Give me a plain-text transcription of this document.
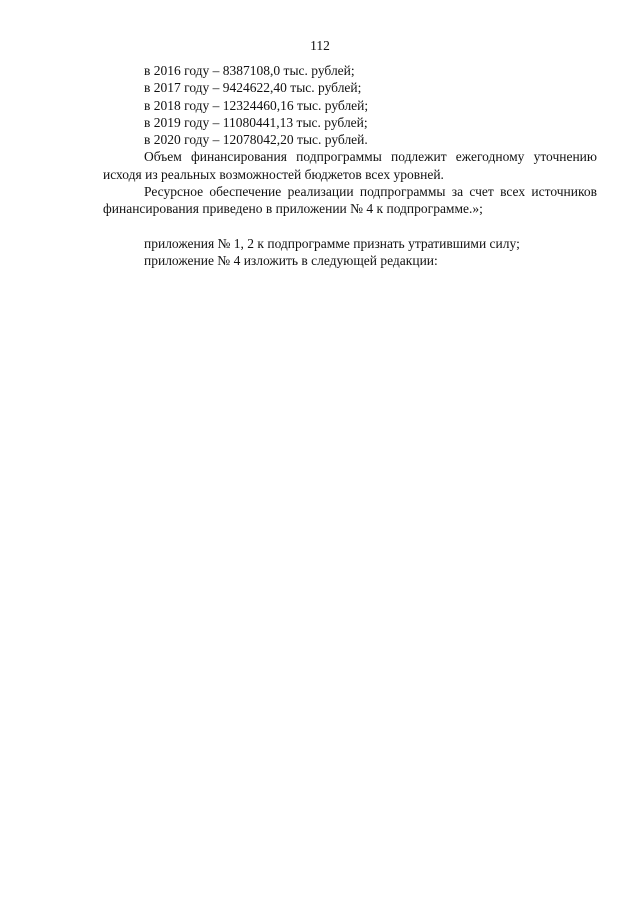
112
в 2016 году – 8387108,0 тыс. рублей;
в 2017 году – 9424622,40 тыс. рублей;
в 2018 году – 12324460,16 тыс. рублей;
в 2019 году – 11080441,13 тыс. рублей;
в 2020 году – 12078042,20 тыс. рублей.

Объем финансирования подпрограммы подлежит ежегодному уточнению исходя из реальных возможностей бюджетов всех уровней.

Ресурсное обеспечение реализации подпрограммы за счет всех источников финансирования приведено в приложении № 4 к подпрограмме.»;

приложения № 1, 2 к подпрограмме признать утратившими силу;
приложение № 4 изложить в следующей редакции:
